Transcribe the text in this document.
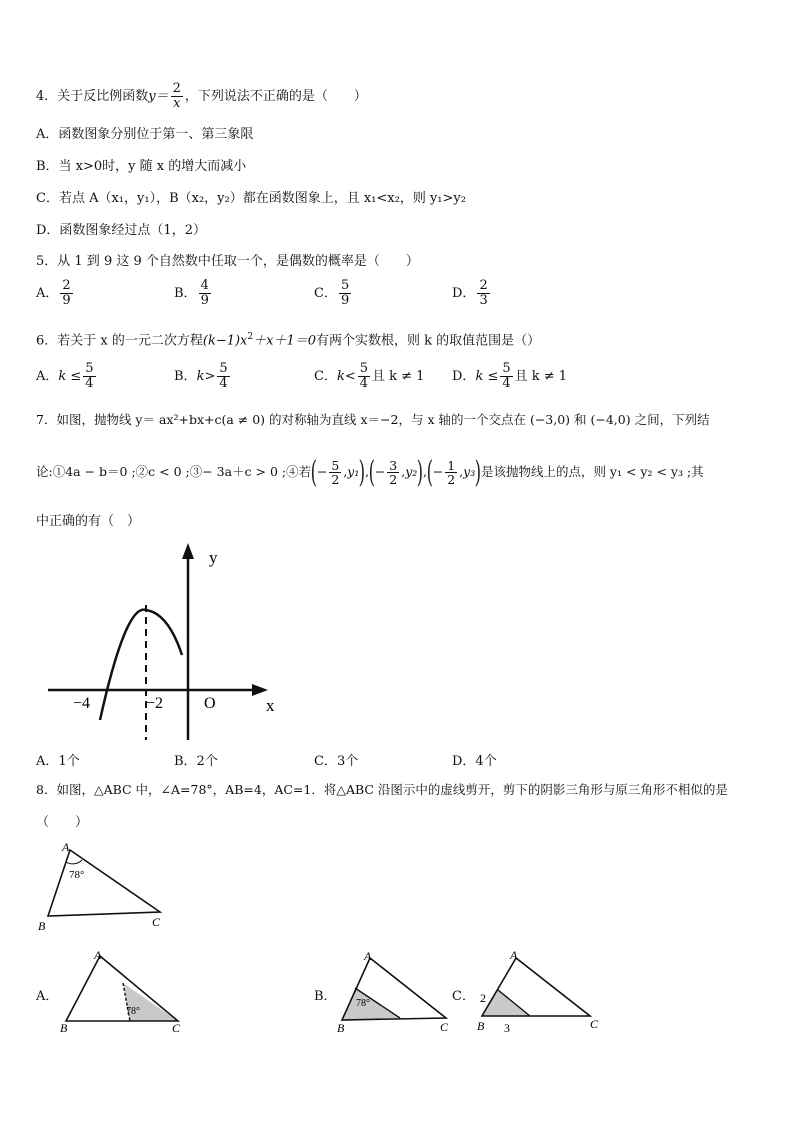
4．关于反比例函数$y= \frac{2}{x}$ ，下列说法不正确的是（　　）
A．函数图象分别位于第一、第三象限
B．当 x>0时，y 随 x 的增大而减小
C．若点 A（x₁，y₁），B（x₂，y₂）都在函数图象上，且 x₁<x₂，则 y₁>y₂
D．函数图象经过点（1，2）
5．从 1 到 9 这 9 个自然数中任取一个，是偶数的概率是（　　）
A． $\frac{2}{9}$	B． $\frac{4}{9}$	C． $\frac{5}{9}$	D． $\frac{2}{3}$
6．若关于 x 的一元二次方程$(k-1)x^2+x+1=0$有两个实数根，则 k 的取值范围是（）
A．$k \le \frac{5}{4}$	B．$k> \frac{5}{4}$	C．$k< \frac{5}{4}$ 且 k ≠ 1 D．$k \le \frac{5}{4}$ 且 k ≠ 1
7．如图，抛物线 y＝ ax²+bx+c(a ≠ 0) 的对称轴为直线 x＝−2，与 x 轴的一个交点在 (−3,0) 和 (−4,0) 之间，下列结
论:①4a − b＝0 ;②c < 0 ;③− 3a＋c > 0 ;④若(− $\frac{5}{2} ,y_1),(- \frac{3}{2} ,y_2),(- \frac{1}{2} ,y_3)$是该抛物线上的点，则 y₁ < y₂ < y₃ ;其
中正确的有（　）
y
x
−4	−2	O
A．1个	B．2个	C．3个	D．4个
8．如图，△ABC 中，∠A=78°，AB=4，AC=1．将△ABC 沿图示中的虚线剪开，剪下的阴影三角形与原三角形不相似的是
（　　）
A
B	C
78°
A．
A
B	C
78°
B．
A
B	C
78°	C．
A
B	C
2
3
